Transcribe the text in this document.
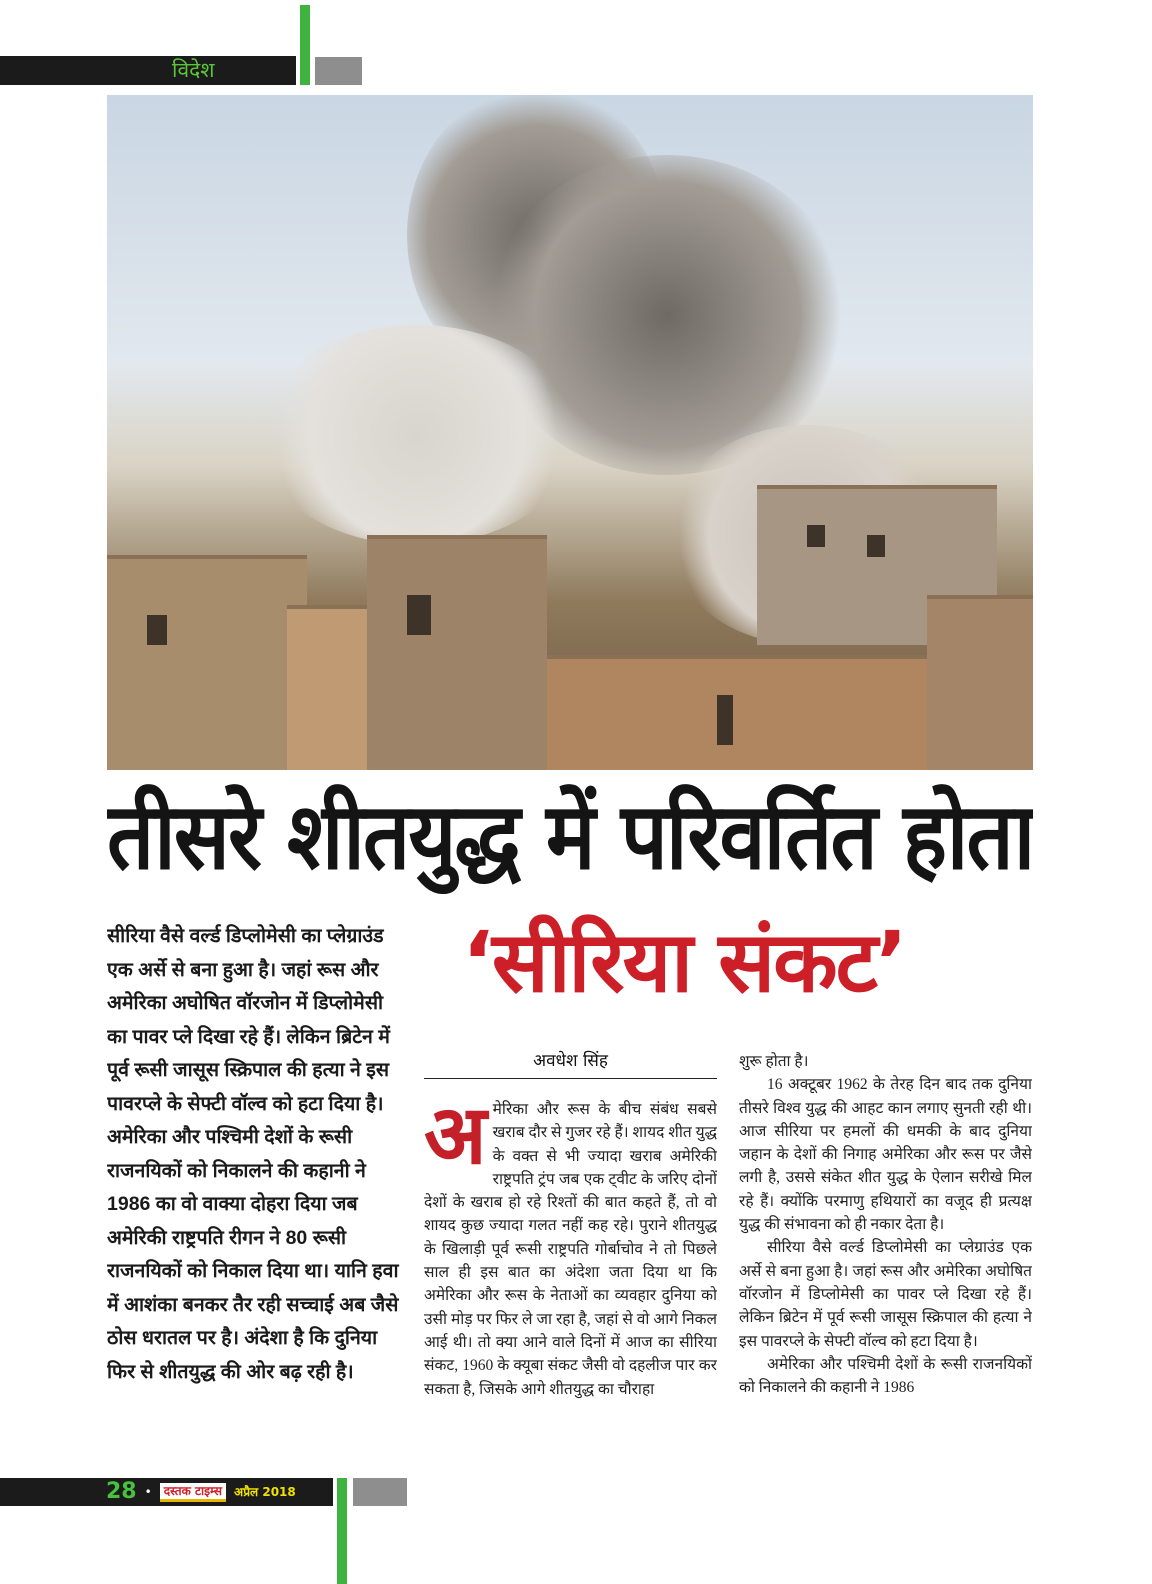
विदेश
तीसरे शीतयुद्ध में परिवर्तित होता
‘सीरिया संकट’
सीरिया वैसे वर्ल्ड डिप्लोमेसी का प्लेग्राउंड एक अर्से से बना हुआ है। जहां रूस और अमेरिका अघोषित वॉरजोन में डिप्लोमेसी का पावर प्ले दिखा रहे हैं। लेकिन ब्रिटेन में पूर्व रूसी जासूस स्क्रिपाल की हत्या ने इस पावरप्ले के सेफ्टी वॉल्व को हटा दिया है। अमेरिका और पश्चिमी देशों के रूसी राजनयिकों को निकालने की कहानी ने 1986 का वो वाक्या दोहरा दिया जब अमेरिकी राष्ट्रपति रीगन ने 80 रूसी राजनयिकों को निकाल दिया था। यानि हवा में आशंका बनकर तैर रही सच्चाई अब जैसे ठोस धरातल पर है। अंदेशा है कि दुनिया फिर से शीतयुद्ध की ओर बढ़ रही है।
अवधेश सिंह
अ मेरिका और रूस के बीच संबंध सबसे खराब दौर से गुजर रहे हैं। शायद शीत युद्ध के वक्त से भी ज्यादा खराब अमेरिकी राष्ट्रपति ट्रंप जब एक ट्वीट के जरिए दोनों देशों के खराब हो रहे रिश्तों की बात कहते हैं, तो वो शायद कुछ ज्यादा गलत नहीं कह रहे। पुराने शीतयुद्ध के खिलाड़ी पूर्व रूसी राष्ट्रपति गोर्बाचोव ने तो पिछले साल ही इस बात का अंदेशा जता दिया था कि अमेरिका और रूस के नेताओं का व्यवहार दुनिया को उसी मोड़ पर फिर ले जा रहा है, जहां से वो आगे निकल आई थी। तो क्या आने वाले दिनों में आज का सीरिया संकट, 1960 के क्यूबा संकट जैसी वो दहलीज पार कर सकता है, जिसके आगे शीतयुद्ध का चौराहा

शुरू होता है।

16 अक्टूबर 1962 के तेरह दिन बाद तक दुनिया तीसरे विश्व युद्ध की आहट कान लगाए सुनती रही थी। आज सीरिया पर हमलों की धमकी के बाद दुनिया जहान के देशों की निगाह अमेरिका और रूस पर जैसे लगी है, उससे संकेत शीत युद्ध के ऐलान सरीखे मिल रहे हैं। क्योंकि परमाणु हथियारों का वजूद ही प्रत्यक्ष युद्ध की संभावना को ही नकार देता है।

सीरिया वैसे वर्ल्ड डिप्लोमेसी का प्लेग्राउंड एक अर्से से बना हुआ है। जहां रूस और अमेरिका अघोषित वॉरजोन में डिप्लोमेसी का पावर प्ले दिखा रहे हैं। लेकिन ब्रिटेन में पूर्व रूसी जासूस स्क्रिपाल की हत्या ने इस पावरप्ले के सेफ्टी वॉल्व को हटा दिया है।

अमेरिका और पश्चिमी देशों के रूसी राजनयिकों को निकालने की कहानी ने 1986

28 •	दस्तक टाइम्स	अप्रैल 2018
